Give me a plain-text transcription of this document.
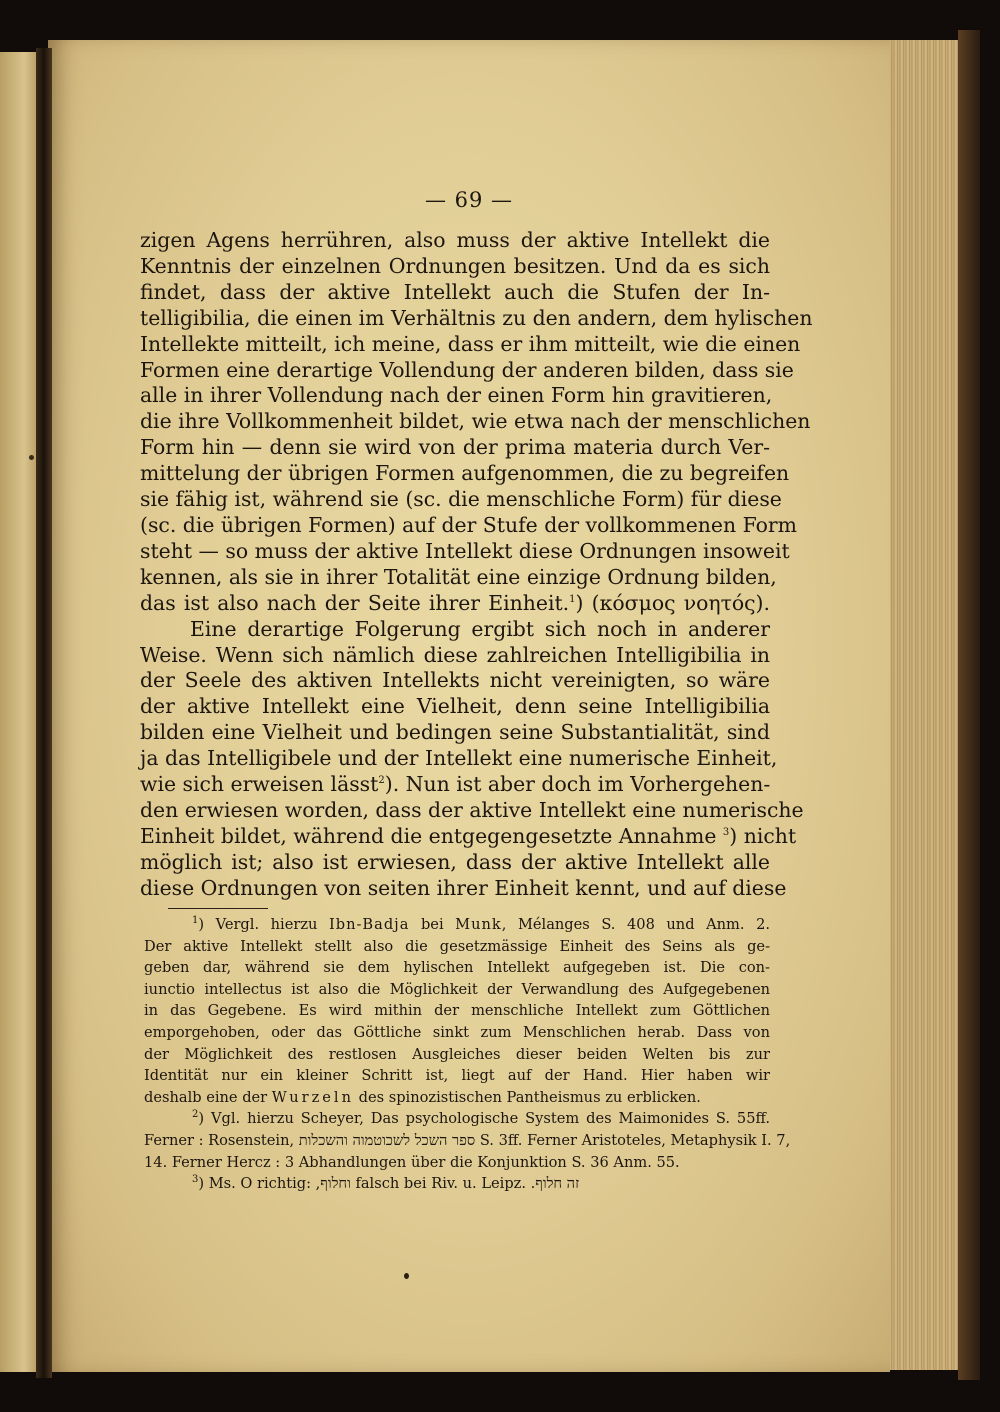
— 69 —
zigen Agens herrühren, also muss der aktive Intellekt die
Kenntnis der einzelnen Ordnungen besitzen. Und da es sich
findet, dass der aktive Intellekt auch die Stufen der In-
telligibilia, die einen im Verhältnis zu den andern, dem hylischen
Intellekte mitteilt, ich meine, dass er ihm mitteilt, wie die einen
Formen eine derartige Vollendung der anderen bilden, dass sie
alle in ihrer Vollendung nach der einen Form hin gravitieren,
die ihre Vollkommenheit bildet, wie etwa nach der menschlichen
Form hin — denn sie wird von der prima materia durch Ver-
mittelung der übrigen Formen aufgenommen, die zu begreifen
sie fähig ist, während sie (sc. die menschliche Form) für diese
(sc. die übrigen Formen) auf der Stufe der vollkommenen Form
steht — so muss der aktive Intellekt diese Ordnungen insoweit
kennen, als sie in ihrer Totalität eine einzige Ordnung bilden,
das ist also nach der Seite ihrer Einheit.$^1$) (κόσμος νοητός).
Eine derartige Folgerung ergibt sich noch in anderer
Weise. Wenn sich nämlich diese zahlreichen Intelligibilia in
der Seele des aktiven Intellekts nicht vereinigten, so wäre
der aktive Intellekt eine Vielheit, denn seine Intelligibilia
bilden eine Vielheit und bedingen seine Substantialität, sind
ja das Intelligibele und der Intellekt eine numerische Einheit,
wie sich erweisen lässt$^2$). Nun ist aber doch im Vorhergehen-
den erwiesen worden, dass der aktive Intellekt eine numerische
Einheit bildet, während die entgegengesetzte Annahme $^3$) nicht
möglich ist; also ist erwiesen, dass der aktive Intellekt alle
diese Ordnungen von seiten ihrer Einheit kennt, und auf diese
$^1$) Vergl. hierzu Ibn-Badja bei Munk, Mélanges S. 408 und Anm. 2.
Der aktive Intellekt stellt also die gesetzmässige Einheit des Seins als ge-
geben dar, während sie dem hylischen Intellekt aufgegeben ist. Die con-
iunctio intellectus ist also die Möglichkeit der Verwandlung des Aufgegebenen
in das Gegebene. Es wird mithin der menschliche Intellekt zum Göttlichen
emporgehoben, oder das Göttliche sinkt zum Menschlichen herab. Dass von
der Möglichkeit des restlosen Ausgleiches dieser beiden Welten bis zur
Identität nur ein kleiner Schritt ist, liegt auf der Hand. Hier haben wir
deshalb eine der Wurzeln des spinozistischen Pantheismus zu erblicken.
$^2$) Vgl. hierzu Scheyer, Das psychologische System des Maimonides S. 55ff.
Ferner : Rosenstein, ספר השכל לשכוטמוה והשכלות S. 3ff. Ferner Aristoteles, Metaphysik I. 7,
14. Ferner Hercz : 3 Abhandlungen über die Konjunktion S. 36 Anm. 55.
$^3$) Ms. O richtig: וחלוף, falsch bei Riv. u. Leipz. זה חלוף.
